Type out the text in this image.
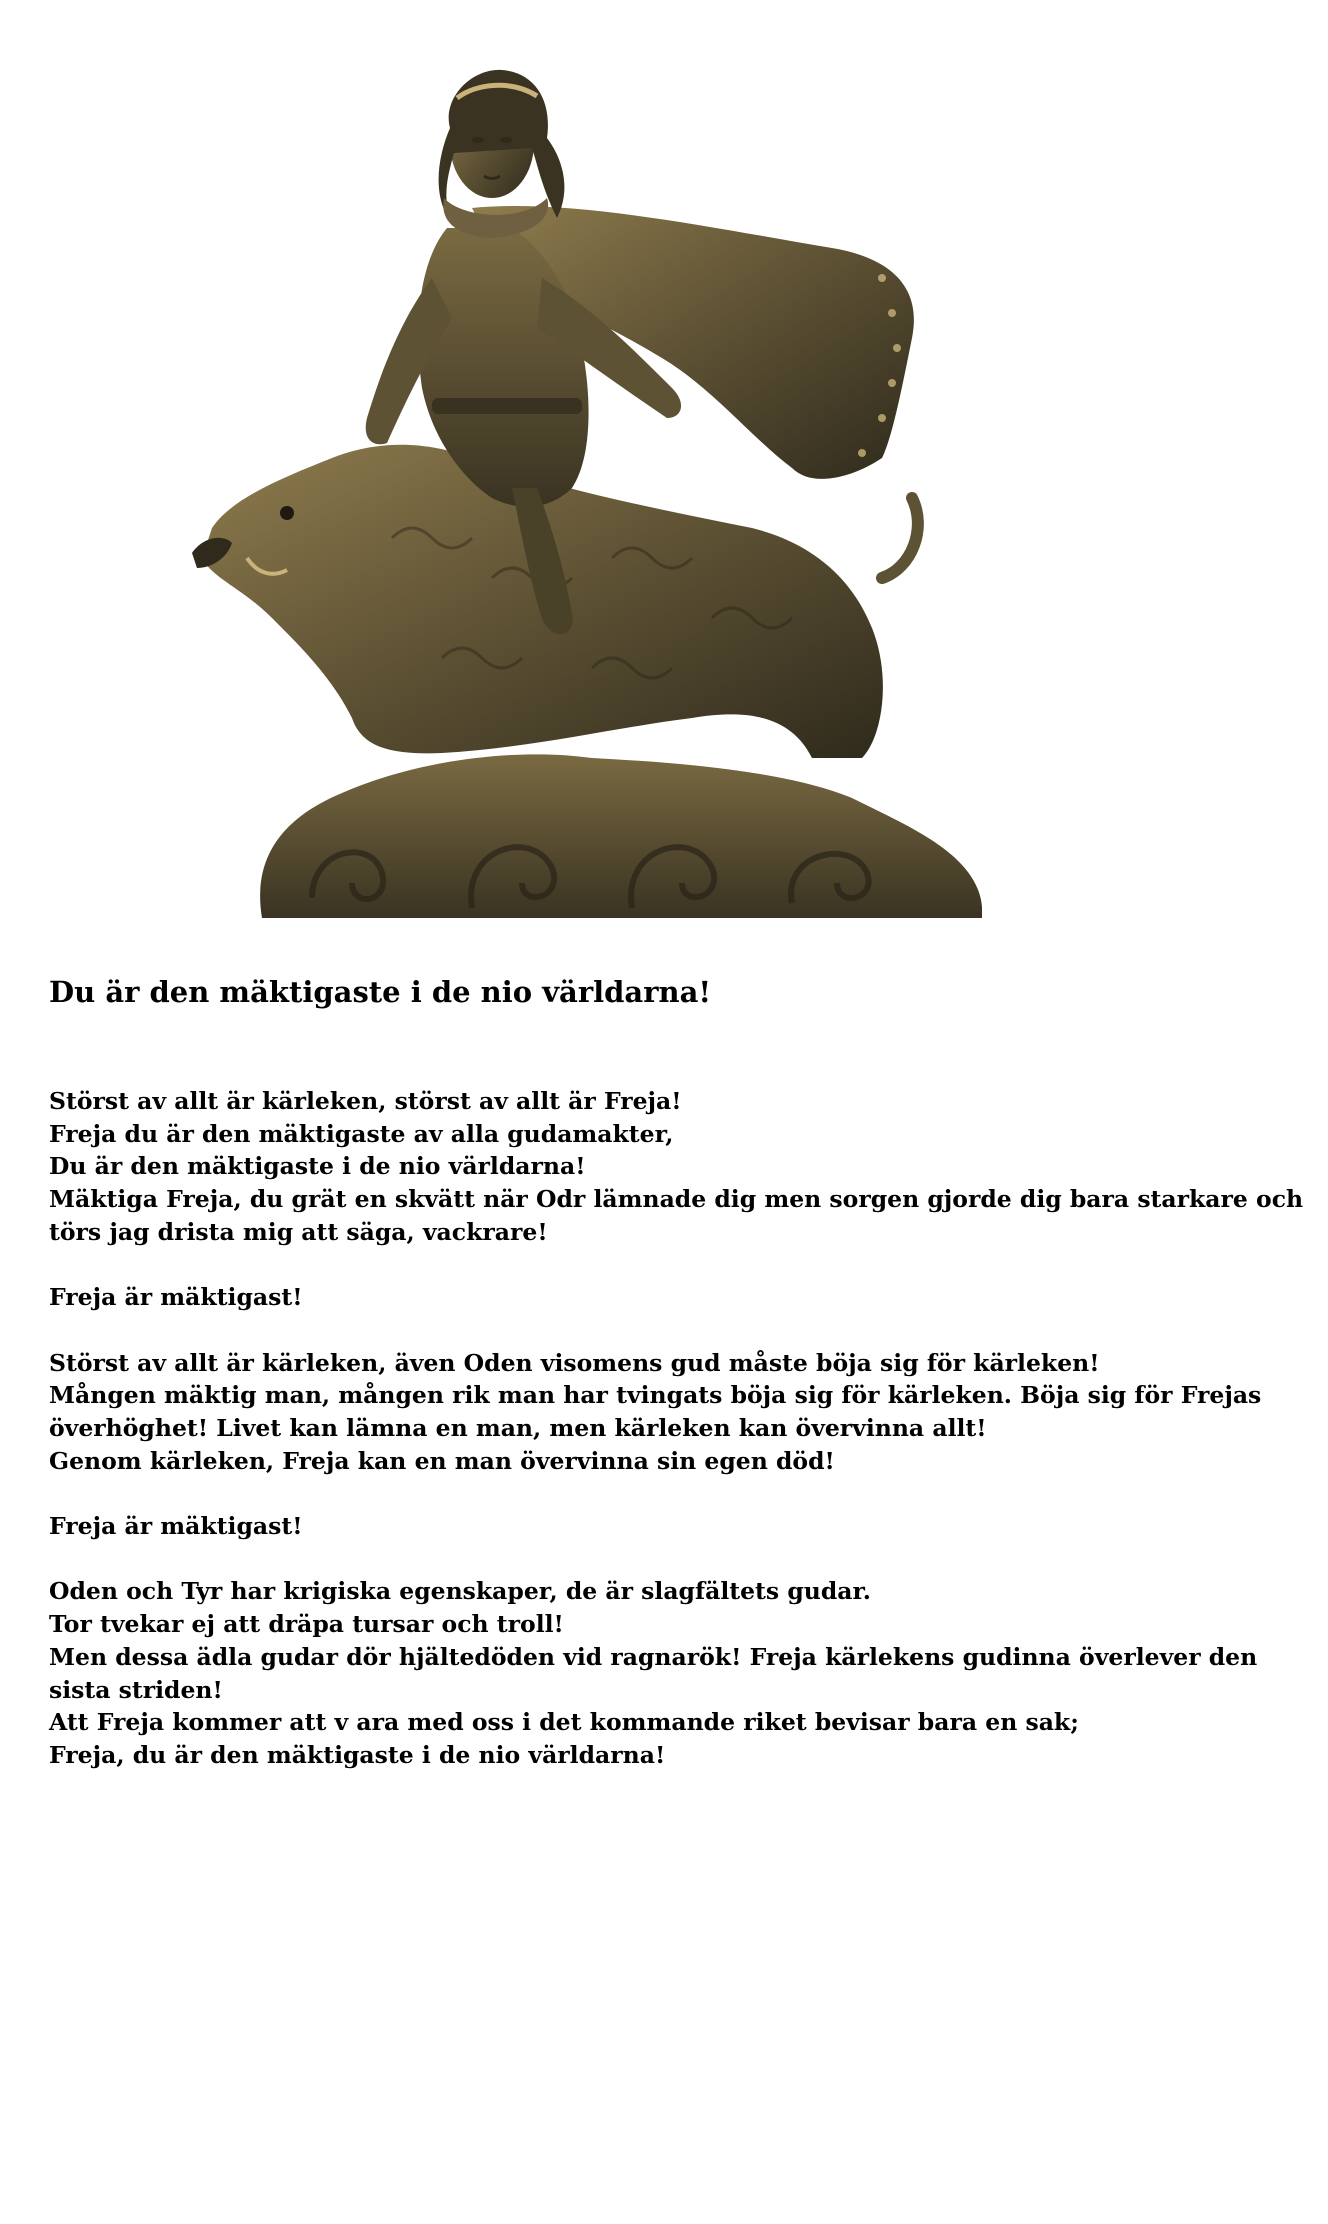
Du är den mäktigaste i de nio världarna!
Störst av allt är kärleken, störst av allt är Freja!
Freja du är den mäktigaste av alla gudamakter,
Du är den mäktigaste i de nio världarna!
Mäktiga Freja, du grät en skvätt när Odr lämnade dig men sorgen gjorde dig bara starkare och törs jag drista mig att säga, vackrare!
Freja är mäktigast!
Störst av allt är kärleken, även Oden visomens gud måste böja sig för kärleken!
Mången mäktig man, mången rik man har tvingats böja sig för kärleken. Böja sig för Frejas överhöghet! Livet kan lämna en man, men kärleken kan övervinna allt!
Genom kärleken, Freja kan en man övervinna sin egen död!
Freja är mäktigast!
Oden och Tyr har krigiska egenskaper, de är slagfältets gudar.
Tor tvekar ej att dräpa tursar och troll!
Men dessa ädla gudar dör hjältedöden vid ragnarök! Freja kärlekens gudinna överlever den sista striden!
Att Freja kommer att v ara med oss i det kommande riket bevisar bara en sak;
Freja, du är den mäktigaste i de nio världarna!
